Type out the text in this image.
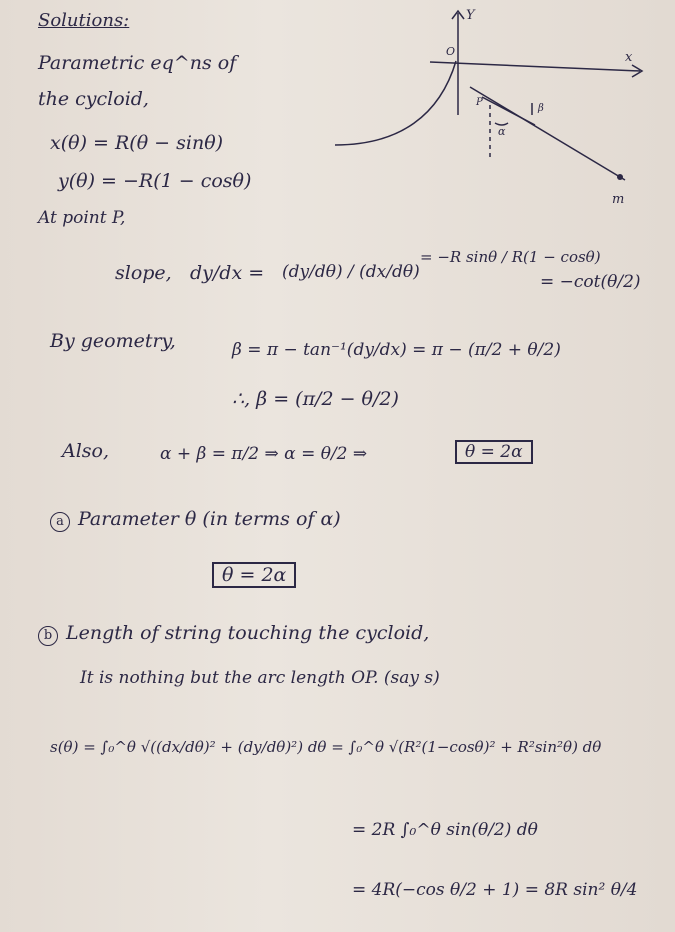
Y
x
O
P
α
β
m
Solutions:
Parametric eq^ns of
the cycloid,
x(θ) = R(θ − sinθ)
y(θ) = −R(1 − cosθ)
At point P,
slope, dy/dx = (dy/dθ) / (dx/dθ)
= −R sinθ / R(1 − cosθ)
= −cot(θ/2)
By geometry,	β = π − tan⁻¹(dy/dx) = π − (π/2 + θ/2)
∴, β = (π/2 − θ/2)
Also,	α + β = π/2 ⇒ α = θ/2 ⇒	θ = 2α
a Parameter θ (in terms of α)
θ = 2α
b Length of string touching the cycloid,
It is nothing but the arc length OP. (say s)
s(θ) = ∫₀^θ √((dx/dθ)² + (dy/dθ)²) dθ = ∫₀^θ √(R²(1−cosθ)² + R²sin²θ) dθ
= 2R ∫₀^θ sin(θ/2) dθ
= 4R(−cos θ/2 + 1) = 8R sin² θ/4
